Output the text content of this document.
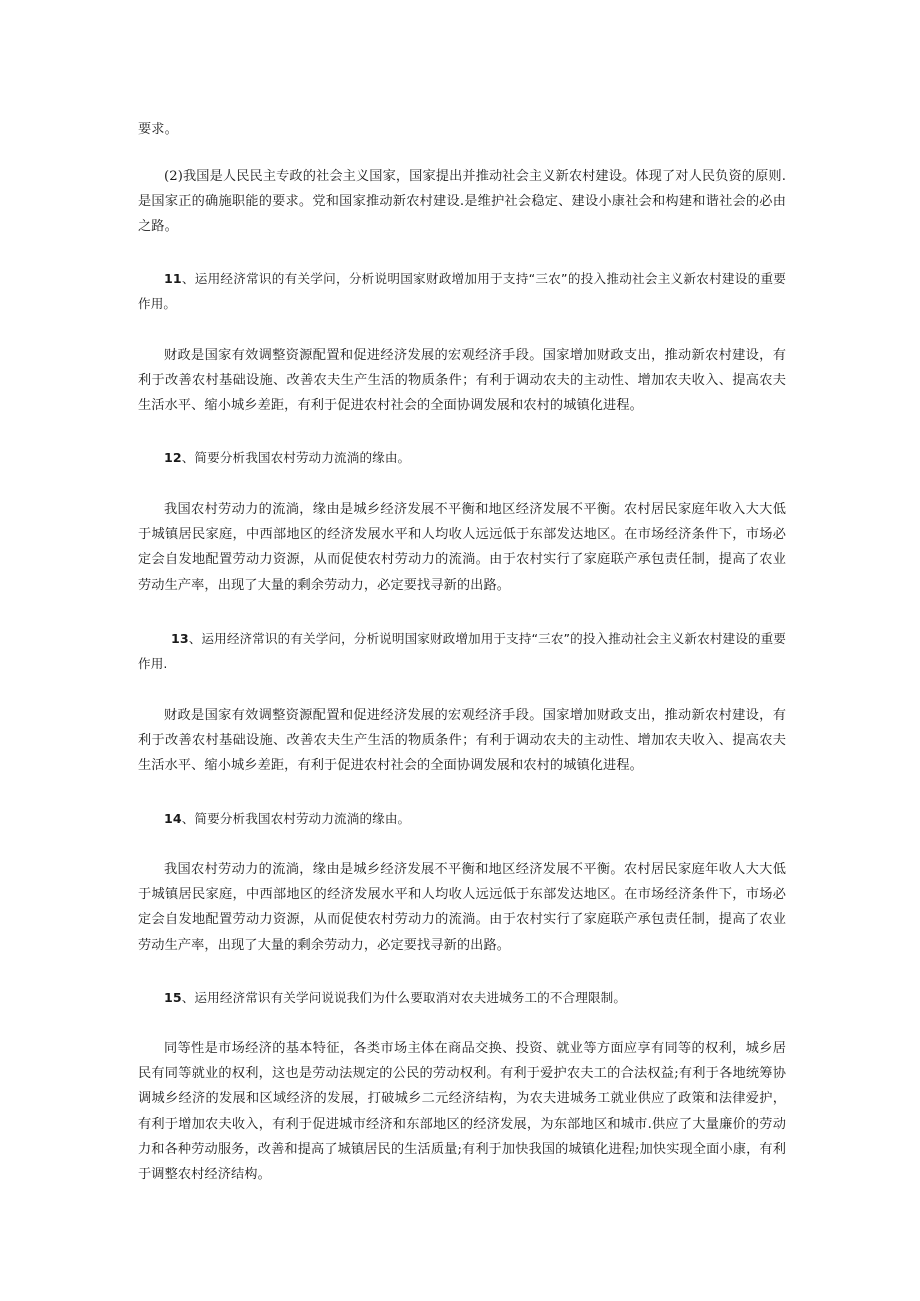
要求。

(2)我国是人民民主专政的社会主义国家，国家提出并推动社会主义新农村建设。体现了对人民负资的原则.是国家正的确施职能的要求。党和国家推动新农村建设.是维护社会稳定、建设小康社会和构建和谐社会的必由之路。

11、运用经济常识的有关学问，分析说明国家财政增加用于支持“三农”的投入推动社会主义新农村建设的重要作用。

财政是国家有效调整资源配置和促进经济发展的宏观经济手段。国家增加财政支出，推动新农村建设，有利于改善农村基础设施、改善农夫生产生活的物质条件；有利于调动农夫的主动性、增加农夫收入、提高农夫生活水平、缩小城乡差距，有利于促进农村社会的全面协调发展和农村的城镇化进程。

12、简要分析我国农村劳动力流淌的缘由。

我国农村劳动力的流淌，缘由是城乡经济发展不平衡和地区经济发展不平衡。农村居民家庭年收入大大低于城镇居民家庭，中西部地区的经济发展水平和人均收人远远低于东部发达地区。在市场经济条件下，市场必定会自发地配置劳动力资源，从而促使农村劳动力的流淌。由于农村实行了家庭联产承包责任制，提高了农业劳动生产率，出现了大量的剩余劳动力，必定要找寻新的出路。

13、运用经济常识的有关学问，分析说明国家财政增加用于支持“三农”的投入推动社会主义新农村建设的重要作用.

财政是国家有效调整资源配置和促进经济发展的宏观经济手段。国家增加财政支出，推动新农村建设，有利于改善农村基础设施、改善农夫生产生活的物质条件；有利于调动农夫的主动性、增加农夫收入、提高农夫生活水平、缩小城乡差距，有利于促进农村社会的全面协调发展和农村的城镇化进程。

14、简要分析我国农村劳动力流淌的缘由。

我国农村劳动力的流淌，缘由是城乡经济发展不平衡和地区经济发展不平衡。农村居民家庭年收人大大低于城镇居民家庭，中西部地区的经济发展水平和人均收人远远低于东部发达地区。在市场经济条件下，市场必定会自发地配置劳动力资源，从而促使农村劳动力的流淌。由于农村实行了家庭联产承包责任制，提高了农业劳动生产率，出现了大量的剩余劳动力，必定要找寻新的出路。

15、运用经济常识有关学问说说我们为什么要取消对农夫进城务工的不合理限制。

同等性是市场经济的基本特征，各类市场主体在商品交换、投资、就业等方面应享有同等的权利，城乡居民有同等就业的权利，这也是劳动法规定的公民的劳动权利。有利于爱护农夫工的合法权益;有利于各地统筹协调城乡经济的发展和区域经济的发展，打破城乡二元经济结构，为农夫进城务工就业供应了政策和法律爱护，有利于增加农夫收入，有利于促进城市经济和东部地区的经济发展，为东部地区和城市.供应了大量廉价的劳动力和各种劳动服务，改善和提高了城镇居民的生活质量;有利于加快我国的城镇化进程;加快实现全面小康，有利于调整农村经济结构。
